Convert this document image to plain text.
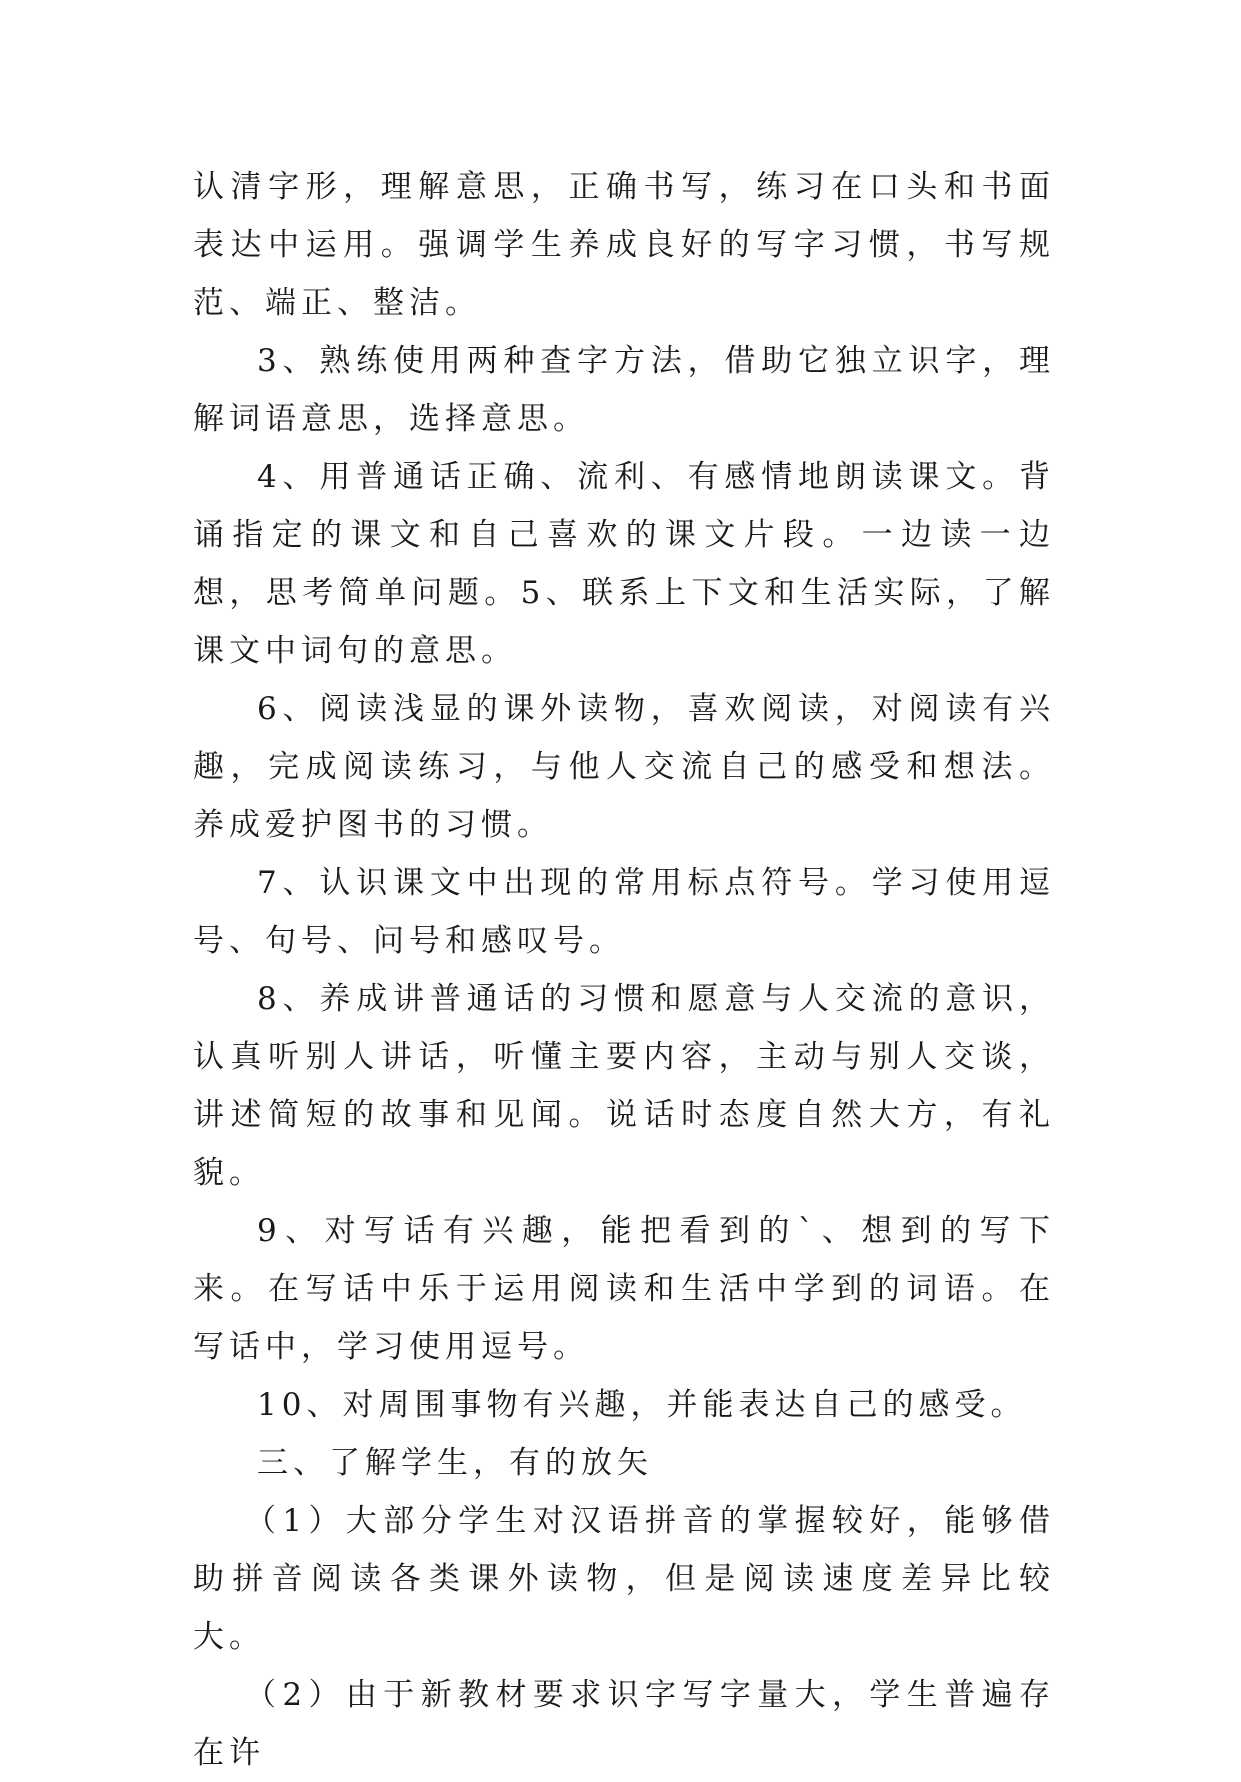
认清字形，理解意思，正确书写，练习在口头和书面表达中运用。强调学生养成良好的写字习惯，书写规范、端正、整洁。

3、熟练使用两种查字方法，借助它独立识字，理解词语意思，选择意思。

4、用普通话正确、流利、有感情地朗读课文。背诵指定的课文和自己喜欢的课文片段。一边读一边想，思考简单问题。5、联系上下文和生活实际，了解课文中词句的意思。

6、阅读浅显的课外读物，喜欢阅读，对阅读有兴趣，完成阅读练习，与他人交流自己的感受和想法。养成爱护图书的习惯。

7、认识课文中出现的常用标点符号。学习使用逗号、句号、问号和感叹号。

8、养成讲普通话的习惯和愿意与人交流的意识，认真听别人讲话，听懂主要内容，主动与别人交谈，讲述简短的故事和见闻。说话时态度自然大方，有礼貌。

9、对写话有兴趣，能把看到的`、想到的写下来。在写话中乐于运用阅读和生活中学到的词语。在写话中，学习使用逗号。

10、对周围事物有兴趣，并能表达自己的感受。

三、了解学生，有的放矢

（1）大部分学生对汉语拼音的掌握较好，能够借助拼音阅读各类课外读物，但是阅读速度差异比较大。

（2）由于新教材要求识字写字量大，学生普遍存在许
